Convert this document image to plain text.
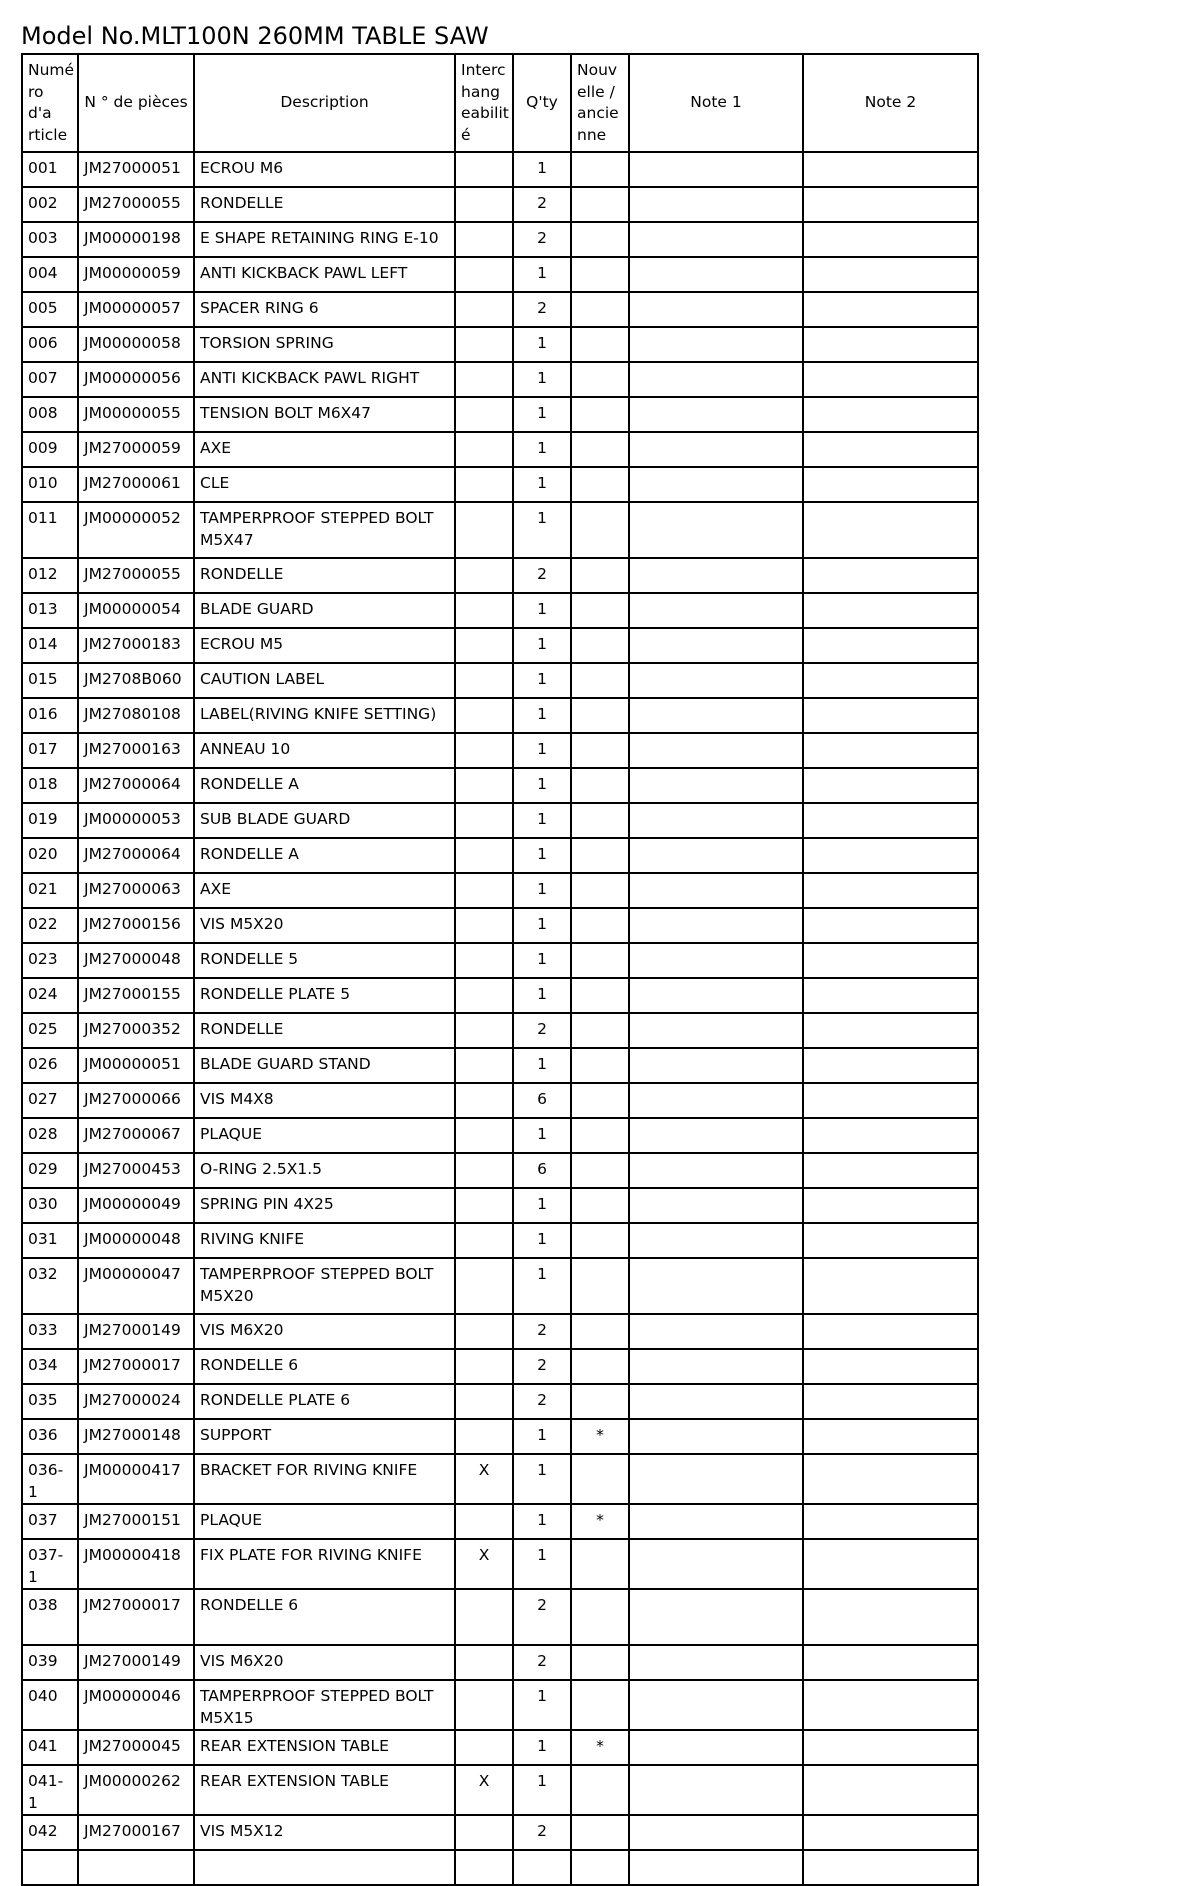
Model No.MLT100N 260MM TABLE SAW
Numé ro d'a rticle	N ° de pièces	Description	Interc hang eabilit é	Q'ty	Nouv elle / ancie nne	Note 1	Note 2
001	JM27000051	ECROU M6		1			
002	JM27000055	RONDELLE		2			
003	JM00000198	E SHAPE RETAINING RING E-10		2			
004	JM00000059	ANTI KICKBACK PAWL LEFT		1			
005	JM00000057	SPACER RING 6		2			
006	JM00000058	TORSION SPRING		1			
007	JM00000056	ANTI KICKBACK PAWL RIGHT		1			
008	JM00000055	TENSION BOLT M6X47		1			
009	JM27000059	AXE		1			
010	JM27000061	CLE		1			
011	JM00000052	TAMPERPROOF STEPPED BOLT M5X47		1			
012	JM27000055	RONDELLE		2			
013	JM00000054	BLADE GUARD		1			
014	JM27000183	ECROU M5		1			
015	JM2708B060	CAUTION LABEL		1			
016	JM27080108	LABEL(RIVING KNIFE SETTING)		1			
017	JM27000163	ANNEAU 10		1			
018	JM27000064	RONDELLE A		1			
019	JM00000053	SUB BLADE GUARD		1			
020	JM27000064	RONDELLE A		1			
021	JM27000063	AXE		1			
022	JM27000156	VIS M5X20		1			
023	JM27000048	RONDELLE 5		1			
024	JM27000155	RONDELLE PLATE 5		1			
025	JM27000352	RONDELLE		2			
026	JM00000051	BLADE GUARD STAND		1			
027	JM27000066	VIS M4X8		6			
028	JM27000067	PLAQUE		1			
029	JM27000453	O-RING 2.5X1.5		6			
030	JM00000049	SPRING PIN 4X25		1			
031	JM00000048	RIVING KNIFE		1			
032	JM00000047	TAMPERPROOF STEPPED BOLT M5X20		1			
033	JM27000149	VIS M6X20		2			
034	JM27000017	RONDELLE 6		2			
035	JM27000024	RONDELLE PLATE 6		2			
036	JM27000148	SUPPORT		1	*		
036-1	JM00000417	BRACKET FOR RIVING KNIFE	X	1			
037	JM27000151	PLAQUE		1	*		
037-1	JM00000418	FIX PLATE FOR RIVING KNIFE	X	1			
038	JM27000017	RONDELLE 6		2			
039	JM27000149	VIS M6X20		2			
040	JM00000046	TAMPERPROOF STEPPED BOLT M5X15		1			
041	JM27000045	REAR EXTENSION TABLE		1	*		
041-1	JM00000262	REAR EXTENSION TABLE	X	1			
042	JM27000167	VIS M5X12		2			
